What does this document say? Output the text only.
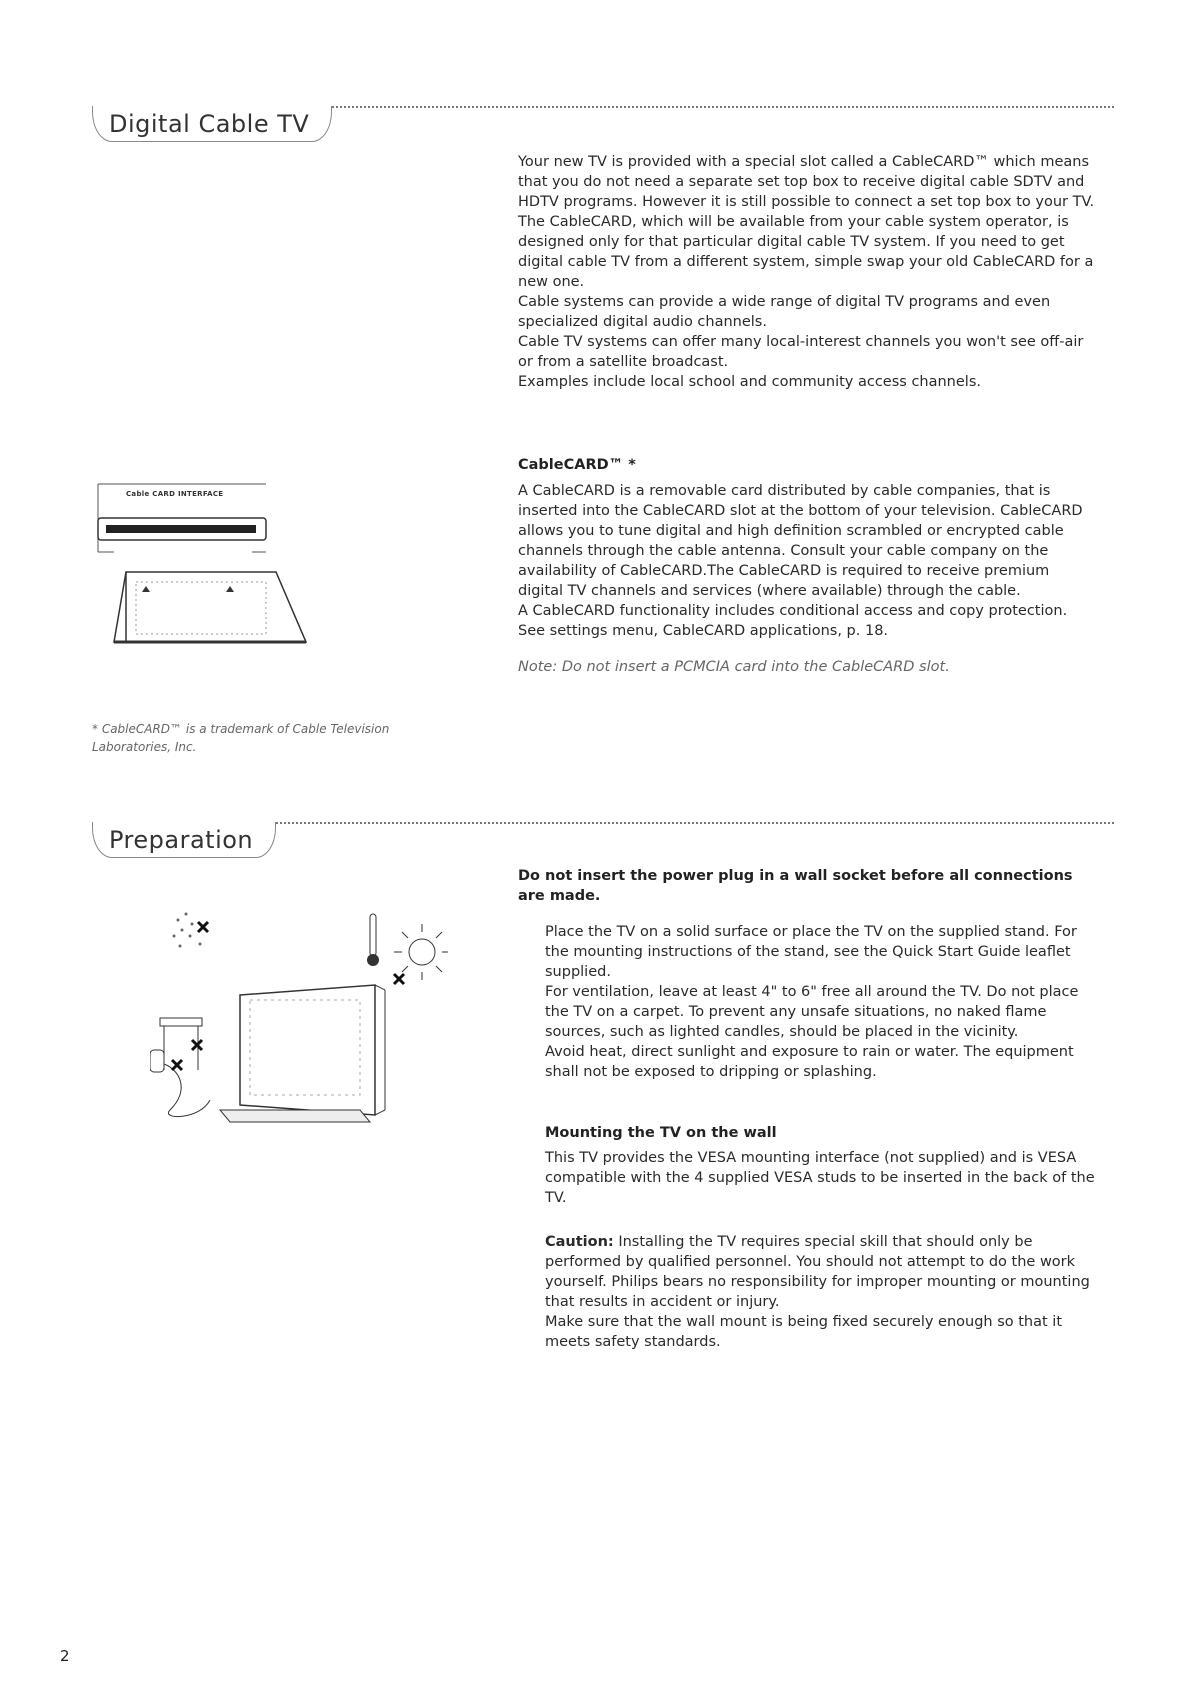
Digital Cable TV

Your new TV is provided with a special slot called a CableCARD™ which means that you do not need a separate set top box to receive digital cable SDTV and HDTV programs. However it is still possible to connect a set top box to your TV.

The CableCARD, which will be available from your cable system operator, is designed only for that particular digital cable TV system. If you need to get digital cable TV from a different system, simple swap your old CableCARD for a new one.

Cable systems can provide a wide range of digital TV programs and even specialized digital audio channels.

Cable TV systems can offer many local-interest channels you won't see off-air or from a satellite broadcast.

Examples include local school and community access channels.

CableCARD™ *

A CableCARD is a removable card distributed by cable companies, that is inserted into the CableCARD slot at the bottom of your television. CableCARD allows you to tune digital and high definition scrambled or encrypted cable channels through the cable antenna. Consult your cable company on the availability of CableCARD.The CableCARD is required to receive premium digital TV channels and services (where available) through the cable.

A CableCARD functionality includes conditional access and copy protection. See settings menu, CableCARD applications, p. 18.

Note: Do not insert a PCMCIA card into the CableCARD slot.

Cable CARD INTERFACE
* CableCARD™ is a trademark of Cable Television Laboratories, Inc.
Preparation
Do not insert the power plug in a wall socket before all connections are made.

Place the TV on a solid surface or place the TV on the supplied stand. For the mounting instructions of the stand, see the Quick Start Guide leaflet supplied.

For ventilation, leave at least 4" to 6" free all around the TV. Do not place the TV on a carpet. To prevent any unsafe situations, no naked flame sources, such as lighted candles, should be placed in the vicinity.

Avoid heat, direct sunlight and exposure to rain or water. The equipment shall not be exposed to dripping or splashing.

Mounting the TV on the wall
This TV provides the VESA mounting interface (not supplied) and is VESA compatible with the 4 supplied VESA studs to be inserted in the back of the TV.

Caution: Installing the TV requires special skill that should only be performed by qualified personnel. You should not attempt to do the work yourself. Philips bears no responsibility for improper mounting or mounting that results in accident or injury.

Make sure that the wall mount is being fixed securely enough so that it meets safety standards.

2
